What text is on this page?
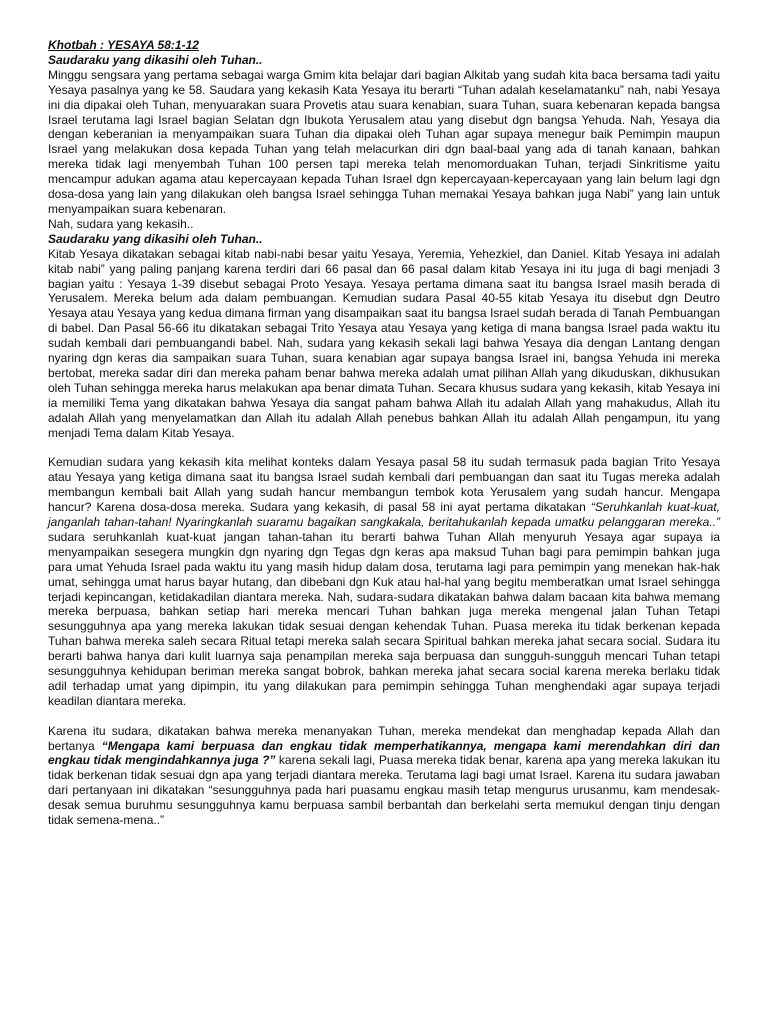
Khotbah : YESAYA 58:1-12

Saudaraku yang dikasihi oleh Tuhan..

Minggu sengsara yang pertama sebagai warga Gmim kita belajar dari bagian Alkitab yang sudah kita baca bersama tadi yaitu Yesaya pasalnya yang ke 58. Saudara yang kekasih Kata Yesaya itu berarti “Tuhan adalah keselamatanku” nah, nabi Yesaya ini dia dipakai oleh Tuhan, menyuarakan suara Provetis atau suara kenabian, suara Tuhan, suara kebenaran kepada bangsa Israel terutama lagi Israel bagian Selatan dgn Ibukota Yerusalem atau yang disebut dgn bangsa Yehuda. Nah, Yesaya dia dengan keberanian ia menyampaikan suara Tuhan dia dipakai oleh Tuhan agar supaya menegur baik Pemimpin maupun Israel yang melakukan dosa kepada Tuhan yang telah melacurkan diri dgn baal-baal yang ada di tanah kanaan, bahkan mereka tidak lagi menyembah Tuhan 100 persen tapi mereka telah menomorduakan Tuhan, terjadi Sinkritisme yaitu mencampur adukan agama atau kepercayaan kepada Tuhan Israel dgn kepercayaan-kepercayaan yang lain belum lagi dgn dosa-dosa yang lain yang dilakukan oleh bangsa Israel sehingga Tuhan memakai Yesaya bahkan juga Nabi” yang lain untuk menyampaikan suara kebenaran.

Nah, sudara yang kekasih..

Saudaraku yang dikasihi oleh Tuhan..

Kitab Yesaya dikatakan sebagai kitab nabi-nabi besar yaitu Yesaya, Yeremia, Yehezkiel, dan Daniel. Kitab Yesaya ini adalah kitab nabi” yang paling panjang karena terdiri dari 66 pasal dan 66 pasal dalam kitab Yesaya ini itu juga di bagi menjadi 3 bagian yaitu : Yesaya 1-39 disebut sebagai Proto Yesaya. Yesaya pertama dimana saat itu bangsa Israel masih berada di Yerusalem. Mereka belum ada dalam pembuangan. Kemudian sudara Pasal 40-55 kitab Yesaya itu disebut dgn Deutro Yesaya atau Yesaya yang kedua dimana firman yang disampaikan saat itu bangsa Israel sudah berada di Tanah Pembuangan di babel. Dan Pasal 56-66 itu dikatakan sebagai Trito Yesaya atau Yesaya yang ketiga di mana bangsa Israel pada waktu itu sudah kembali dari pembuangandi babel. Nah, sudara yang kekasih sekali lagi bahwa Yesaya dia dengan Lantang dengan nyaring dgn keras dia sampaikan suara Tuhan, suara kenabian agar supaya bangsa Israel ini, bangsa Yehuda ini mereka bertobat, mereka sadar diri dan mereka paham benar bahwa mereka adalah umat pilihan Allah yang dikuduskan, dikhusukan oleh Tuhan sehingga mereka harus melakukan apa benar dimata Tuhan. Secara khusus sudara yang kekasih, kitab Yesaya ini ia memiliki Tema yang dikatakan bahwa Yesaya dia sangat paham bahwa Allah itu adalah Allah yang mahakudus, Allah itu adalah Allah yang menyelamatkan dan Allah itu adalah Allah penebus bahkan Allah itu adalah Allah pengampun, itu yang menjadi Tema dalam Kitab Yesaya.

Kemudian sudara yang kekasih kita melihat konteks dalam Yesaya pasal 58 itu sudah termasuk pada bagian Trito Yesaya atau Yesaya yang ketiga dimana saat itu bangsa Israel sudah kembali dari pembuangan dan saat itu Tugas mereka adalah membangun kembali bait Allah yang sudah hancur membangun tembok kota Yerusalem yang sudah hancur. Mengapa hancur? Karena dosa-dosa mereka. Sudara yang kekasih, di pasal 58 ini ayat pertama dikatakan “Seruhkanlah kuat-kuat, janganlah tahan-tahan! Nyaringkanlah suaramu bagaikan sangkakala, beritahukanlah kepada umatku pelanggaran mereka..” sudara seruhkanlah kuat-kuat jangan tahan-tahan itu berarti bahwa Tuhan Allah menyuruh Yesaya agar supaya ia menyampaikan sesegera mungkin dgn nyaring dgn Tegas dgn keras apa maksud Tuhan bagi para pemimpin bahkan juga para umat Yehuda Israel pada waktu itu yang masih hidup dalam dosa, terutama lagi para pemimpin yang menekan hak-hak umat, sehingga umat harus bayar hutang, dan dibebani dgn Kuk atau hal-hal yang begitu memberatkan umat Israel sehingga terjadi kepincangan, ketidakadilan diantara mereka. Nah, sudara-sudara dikatakan bahwa dalam bacaan kita bahwa memang mereka berpuasa, bahkan setiap hari mereka mencari Tuhan bahkan juga mereka mengenal jalan Tuhan Tetapi sesungguhnya apa yang mereka lakukan tidak sesuai dengan kehendak Tuhan. Puasa mereka itu tidak berkenan kepada Tuhan bahwa mereka saleh secara Ritual tetapi mereka salah secara Spiritual bahkan mereka jahat secara social. Sudara itu berarti bahwa hanya dari kulit luarnya saja penampilan mereka saja berpuasa dan sungguh-sungguh mencari Tuhan tetapi sesungguhnya kehidupan beriman mereka sangat bobrok, bahkan mereka jahat secara social karena mereka berlaku tidak adil terhadap umat yang dipimpin, itu yang dilakukan para pemimpin sehingga Tuhan menghendaki agar supaya terjadi keadilan diantara mereka.

Karena itu sudara, dikatakan bahwa mereka menanyakan Tuhan, mereka mendekat dan menghadap kepada Allah dan bertanya “Mengapa kami berpuasa dan engkau tidak memperhatikannya, mengapa kami merendahkan diri dan engkau tidak mengindahkannya juga ?” karena sekali lagi, Puasa mereka tidak benar, karena apa yang mereka lakukan itu tidak berkenan tidak sesuai dgn apa yang terjadi diantara mereka. Terutama lagi bagi umat Israel. Karena itu sudara jawaban dari pertanyaan ini dikatakan “sesungguhnya pada hari puasamu engkau masih tetap mengurus urusanmu, kam mendesak-desak semua buruhmu sesungguhnya kamu berpuasa sambil berbantah dan berkelahi serta memukul dengan tinju dengan tidak semena-mena..”
